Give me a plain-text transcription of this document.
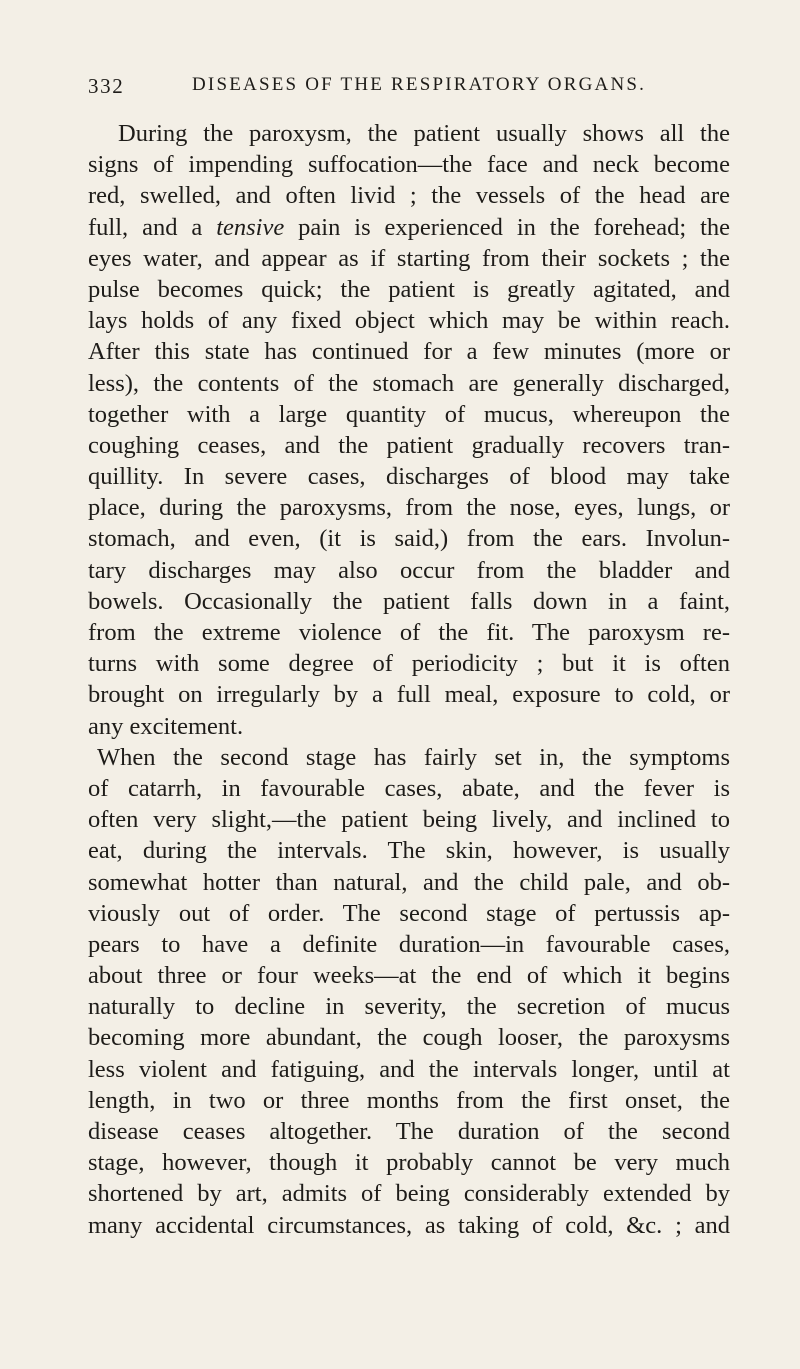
332	DISEASES OF THE RESPIRATORY ORGANS.
During the paroxysm, the patient usually shows all the
signs of impending suffocation—the face and neck become
red, swelled, and often livid ; the vessels of the head are
full, and a tensive pain is experienced in the forehead; the
eyes water, and appear as if starting from their sockets ; the
pulse becomes quick; the patient is greatly agitated, and
lays holds of any fixed object which may be within reach.
After this state has continued for a few minutes (more or
less), the contents of the stomach are generally discharged,
together with a large quantity of mucus, whereupon the
coughing ceases, and the patient gradually recovers tran-
quillity. In severe cases, discharges of blood may take
place, during the paroxysms, from the nose, eyes, lungs, or
stomach, and even, (it is said,) from the ears. Involun-
tary discharges may also occur from the bladder and
bowels. Occasionally the patient falls down in a faint,
from the extreme violence of the fit. The paroxysm re-
turns with some degree of periodicity ; but it is often
brought on irregularly by a full meal, exposure to cold, or
any excitement.
When the second stage has fairly set in, the symptoms
of catarrh, in favourable cases, abate, and the fever is
often very slight,—the patient being lively, and inclined to
eat, during the intervals. The skin, however, is usually
somewhat hotter than natural, and the child pale, and ob-
viously out of order. The second stage of pertussis ap-
pears to have a definite duration—in favourable cases,
about three or four weeks—at the end of which it begins
naturally to decline in severity, the secretion of mucus
becoming more abundant, the cough looser, the paroxysms
less violent and fatiguing, and the intervals longer, until at
length, in two or three months from the first onset, the
disease ceases altogether. The duration of the second
stage, however, though it probably cannot be very much
shortened by art, admits of being considerably extended by
many accidental circumstances, as taking of cold, &c. ; and
